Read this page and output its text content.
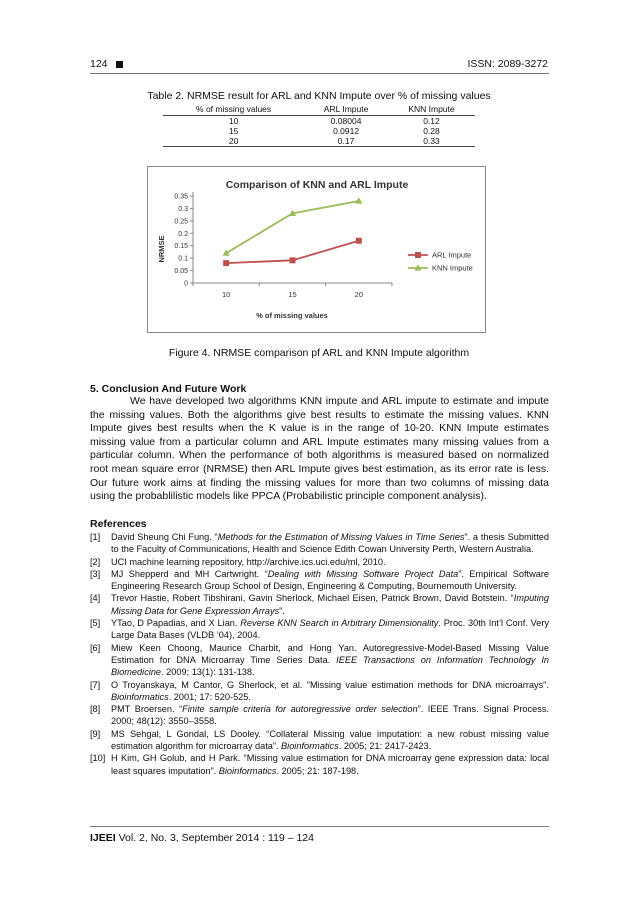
124	ISSN: 2089-3272
Table 2. NRMSE result for ARL and KNN Impute over % of missing values
% of missing values	ARL Impute	KNN Impute
10	0.08004	0.12
15	0.0912	0.28
20	0.17	0.33
Comparison of KNN and ARL Impute
NRMSE
% of missing values
0
0.05
0.1
0.15
0.2
0.25
0.3
0.35
10	15	20
ARL Impute
KNN Impute
Figure 4. NRMSE comparison pf ARL and KNN Impute algorithm
5. Conclusion And Future Work

We have developed two algorithms KNN impute and ARL impute to estimate and impute the missing values. Both the algorithms give best results to estimate the missing values. KNN Impute gives best results when the K value is in the range of 10-20. KNN Impute estimates missing value from a particular column and ARL Impute estimates many missing values from a particular column. When the performance of both algorithms is measured based on normalized root mean square error (NRMSE) then ARL Impute gives best estimation, as its error rate is less. Our future work aims at finding the missing values for more than two columns of missing data using the probablilistic models like PPCA (Probabilistic principle component analysis).

References
[1] David Sheung Chi Fung. “Methods for the Estimation of Missing Values in Time Series”. a thesis Submitted to the Faculty of Communications, Health and Science Edith Cowan University Perth, Western Australia.
[2] UCI machine learning repository, http://archive.ics.uci.edu/ml, 2010.
[3] MJ Shepperd and MH Cartwright. “Dealing with Missing Software Project Data”. Empirical Software Engineering Research Group School of Design, Engineering & Computing, Bournemouth University.
[4] Trevor Hastie, Robert Tibshirani, Gavin Sherlock, Michael Eisen, Patrick Brown, David Botstein. “Imputing Missing Data for Gene Expression Arrays”.
[5] YTao, D Papadias, and X Lian. Reverse KNN Search in Arbitrary Dimensionality. Proc. 30th Int’l Conf. Very Large Data Bases (VLDB ’04), 2004.
[6] Miew Keen Choong, Maurice Charbit, and Hong Yan. Autoregressive-Model-Based Missing Value Estimation for DNA Microarray Time Series Data. IEEE Transactions on Information Technology In Biomedicine. 2009; 13(1): 131-138.
[7] O Troyanskaya, M Cantor, G Sherlock, et al. "Missing value estimation methods for DNA microarrays". Bioinformatics. 2001; 17: 520-525.
[8] PMT Broersen. “Finite sample criteria for autoregressive order selection”. IEEE Trans. Signal Process. 2000; 48(12): 3550–3558.
[9] MS Sehgal, L Gondal, LS Dooley. “Collateral Missing value imputation: a new robust missing value estimation algorithm for microarray data”. Bioinformatics. 2005; 21: 2417-2423.
[10] H Kim, GH Golub, and H Park. “Missing value estimation for DNA microarray gene expression data: local least squares imputation”. Bioinformatics. 2005; 21: 187-198.
IJEEI Vol. 2, No. 3, September 2014 : 119 – 124
